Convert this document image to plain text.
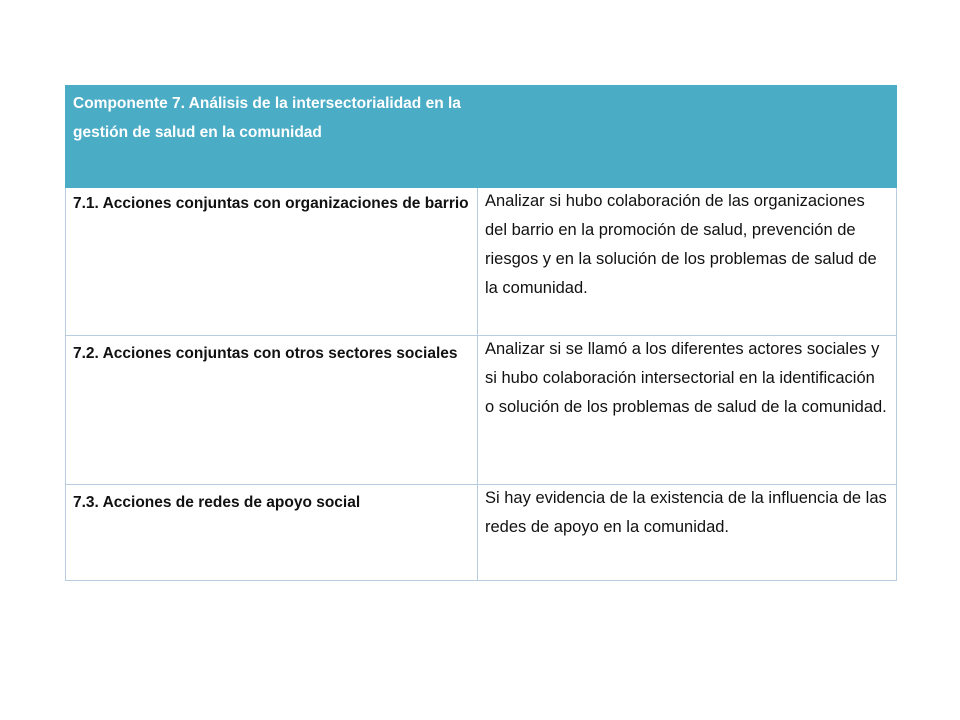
Componente 7. Análisis de la intersectorialidad en la gestión de salud en la comunidad	

7.1. Acciones conjuntas con organizaciones de barrio	Analizar si hubo colaboración de las organizaciones del barrio en la promoción de salud, prevención de riesgos y en la solución de los problemas de salud de la comunidad.

7.2. Acciones conjuntas con otros sectores sociales	Analizar si se llamó a los diferentes actores sociales y si hubo colaboración intersectorial en la identificación o solución de los problemas de salud de la comunidad.

7.3. Acciones de redes de apoyo social	Si hay evidencia de la existencia de la influencia de las redes de apoyo en la comunidad.
